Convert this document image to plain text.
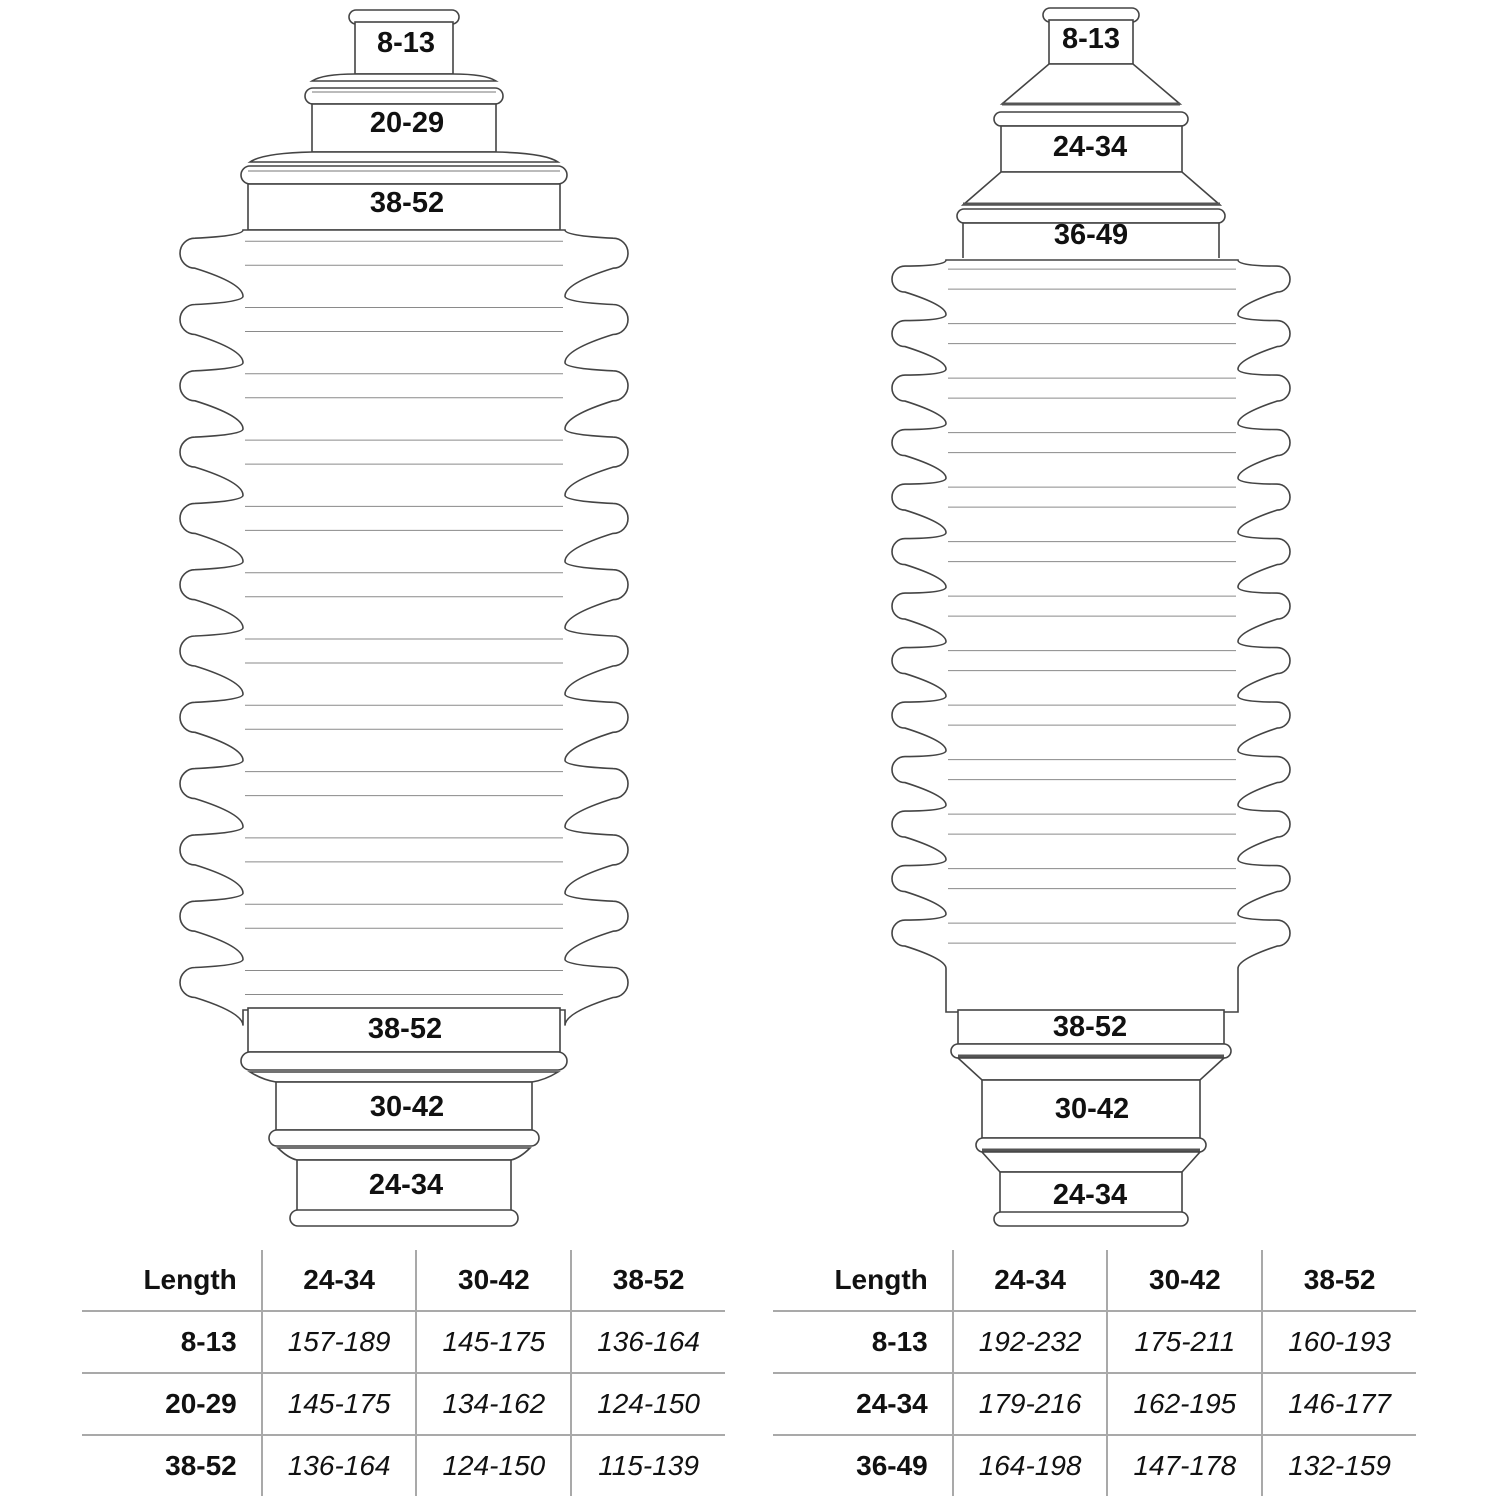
8-13
20-29
38-52
38-52
30-42
24-34
8-13
24-34
36-49
38-52
30-42
24-34
Length	24-34	30-42	38-52
8-13	157-189	145-175	136-164
20-29	145-175	134-162	124-150
38-52	136-164	124-150	115-139
Length	24-34	30-42	38-52
8-13	192-232	175-211	160-193
24-34	179-216	162-195	146-177
36-49	164-198	147-178	132-159
